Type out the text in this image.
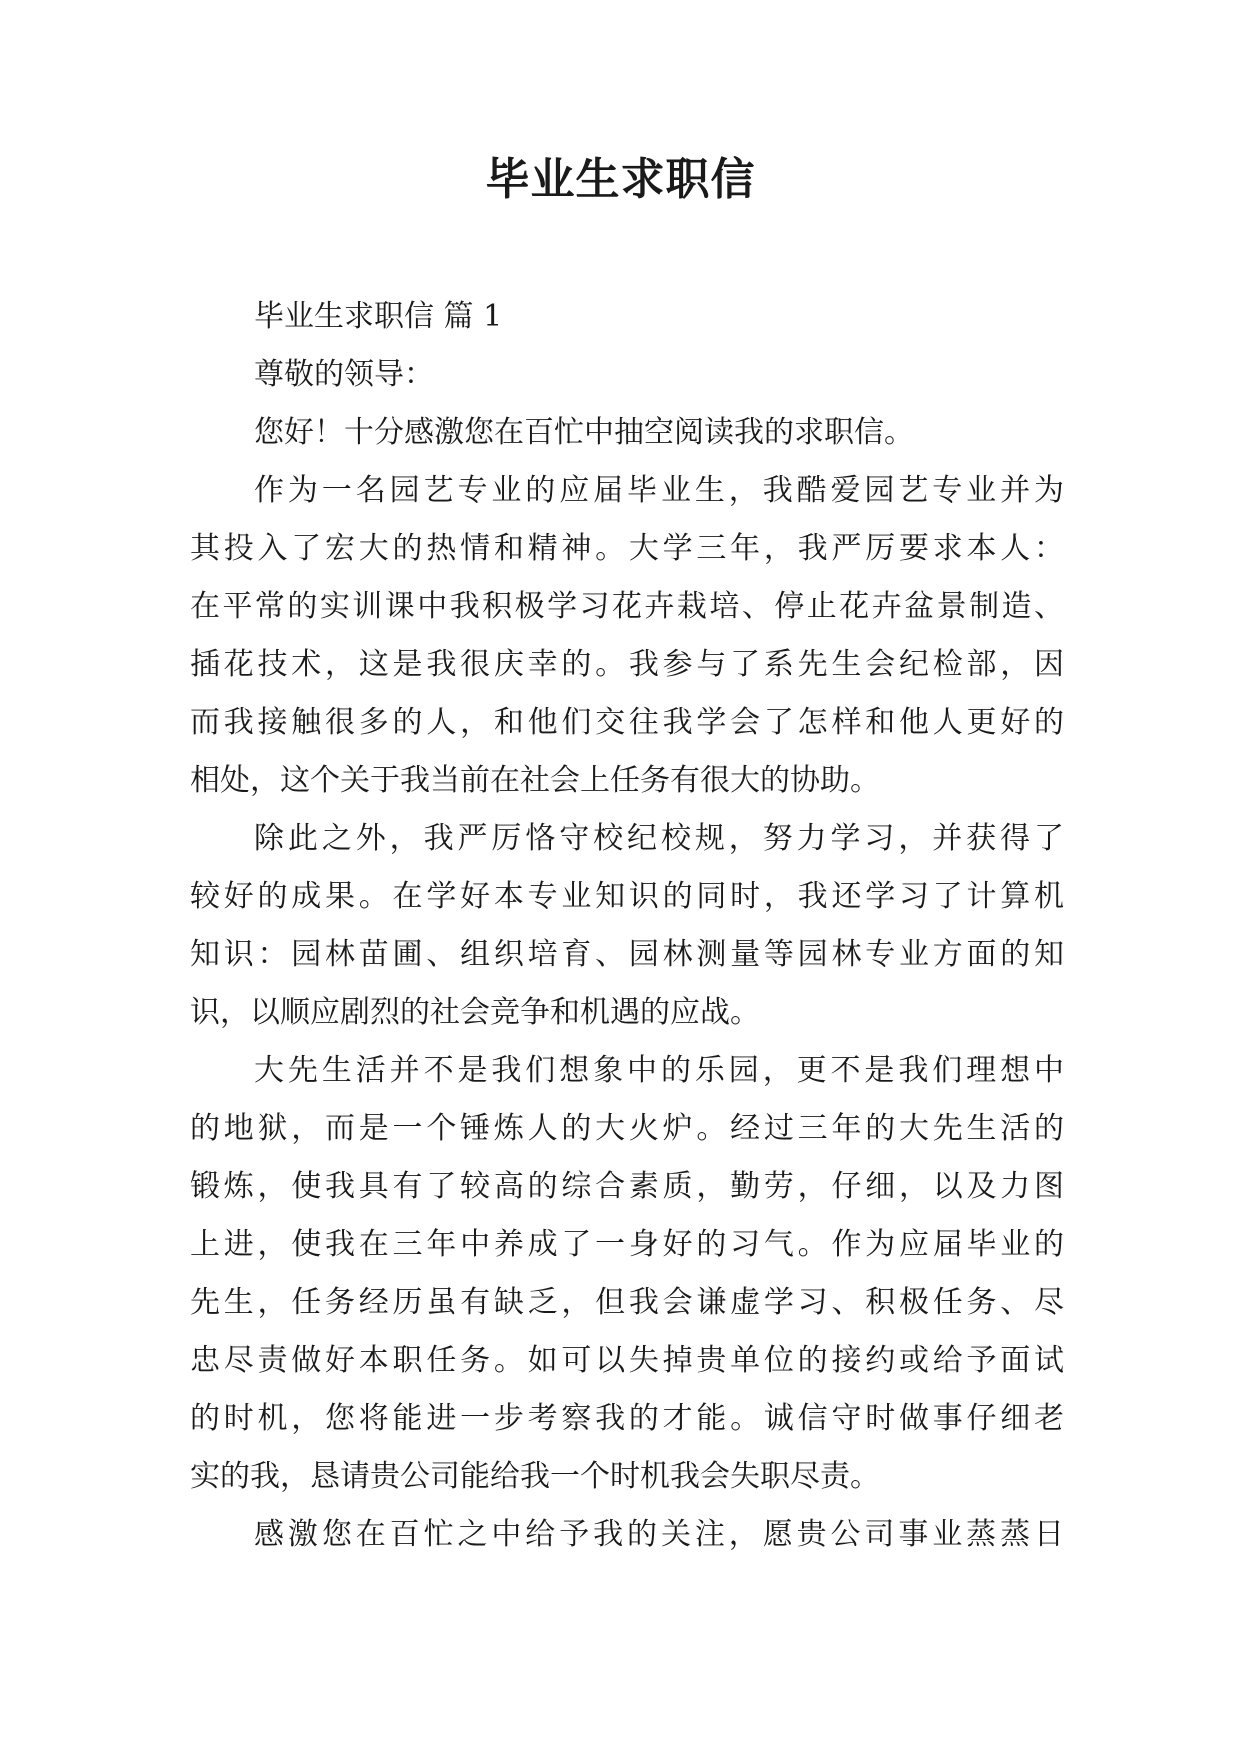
毕业生求职信
毕业生求职信 篇 1
尊敬的领导：
您好！十分感激您在百忙中抽空阅读我的求职信。
作为一名园艺专业的应届毕业生，我酷爱园艺专业并为
其投入了宏大的热情和精神。大学三年，我严厉要求本人：
在平常的实训课中我积极学习花卉栽培、停止花卉盆景制造、
插花技术，这是我很庆幸的。我参与了系先生会纪检部，因
而我接触很多的人，和他们交往我学会了怎样和他人更好的
相处，这个关于我当前在社会上任务有很大的协助。
除此之外，我严厉恪守校纪校规，努力学习，并获得了
较好的成果。在学好本专业知识的同时，我还学习了计算机
知识：园林苗圃、组织培育、园林测量等园林专业方面的知
识，以顺应剧烈的社会竞争和机遇的应战。
大先生活并不是我们想象中的乐园，更不是我们理想中
的地狱，而是一个锤炼人的大火炉。经过三年的大先生活的
锻炼，使我具有了较高的综合素质，勤劳，仔细，以及力图
上进，使我在三年中养成了一身好的习气。作为应届毕业的
先生，任务经历虽有缺乏，但我会谦虚学习、积极任务、尽
忠尽责做好本职任务。如可以失掉贵单位的接约或给予面试
的时机，您将能进一步考察我的才能。诚信守时做事仔细老
实的我，恳请贵公司能给我一个时机我会失职尽责。
感激您在百忙之中给予我的关注，愿贵公司事业蒸蒸日
